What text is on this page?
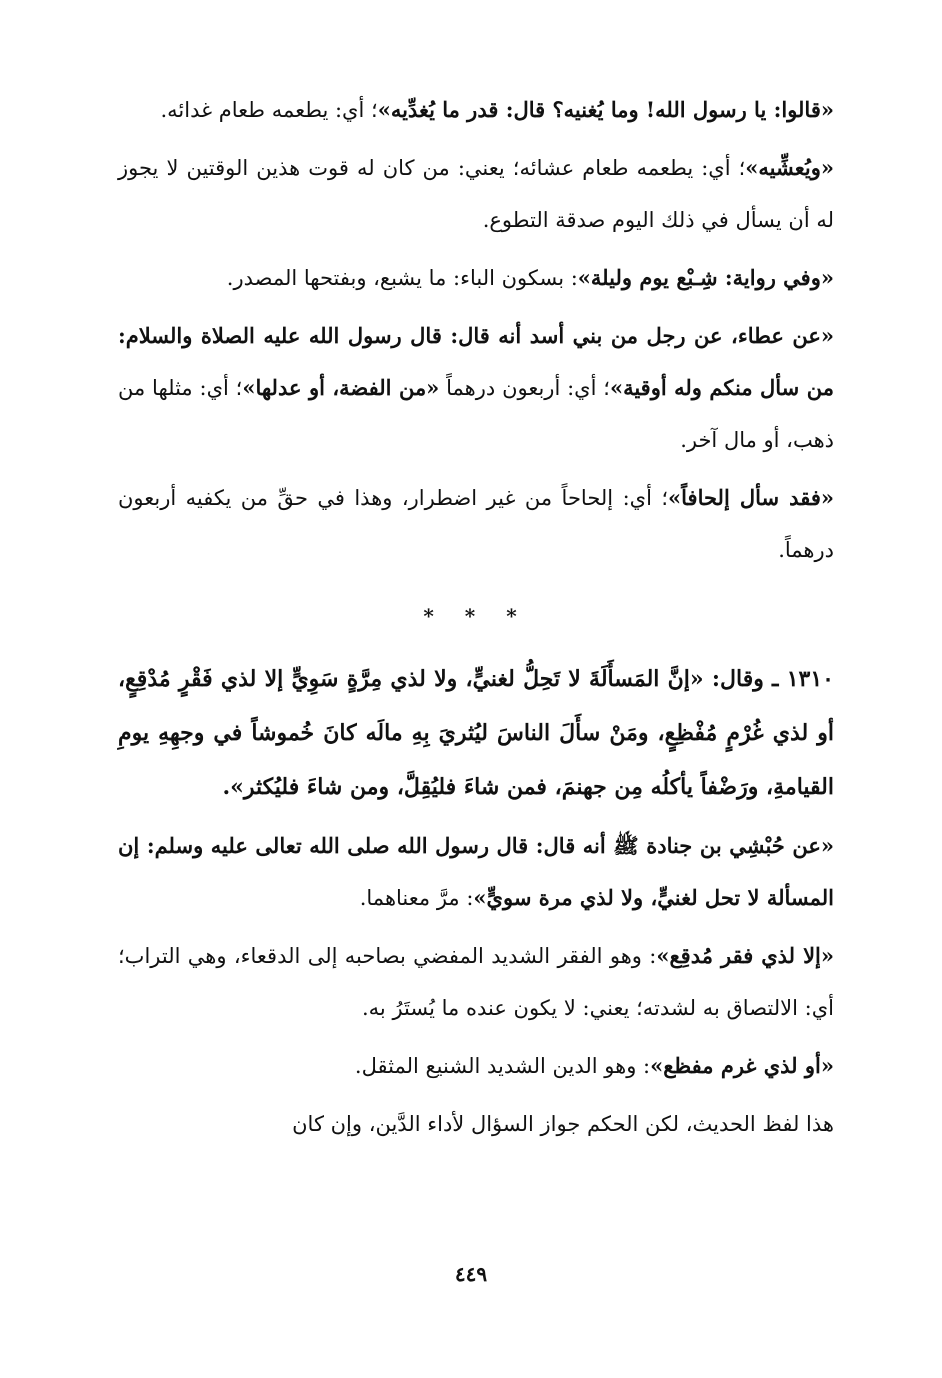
«قالوا: يا رسول الله! وما يُغنيه؟ قال: قدر ما يُغدِّيه»؛ أي: يطعمه طعام غدائه.

«ويُعشِّيه»؛ أي: يطعمه طعام عشائه؛ يعني: من كان له قوت هذين الوقتين لا يجوز له أن يسأل في ذلك اليوم صدقة التطوع.

«وفي رواية: شِـبْع يوم وليلة»: بسكون الباء: ما يشبع، وبفتحها المصدر.

«عن عطاء، عن رجل من بني أسد أنه قال: قال رسول الله عليه الصلاة والسلام: من سأل منكم وله أوقية»؛ أي: أربعون درهماً «من الفضة، أو عدلها»؛ أي: مثلها من ذهب، أو مال آخر.

«فقد سأل إلحافاً»؛ أي: إلحاحاً من غير اضطرار، وهذا في حقِّ من يكفيه أربعون درهماً.

* * *

١٣١٠ ـ وقال: «إنَّ المَسأَلَةَ لا تَحِلُّ لغنيٍّ، ولا لذي مِرَّةٍ سَوِيٍّ إلا لذي فَقْرٍ مُدْقِعٍ، أو لذي غُرْمٍ مُفْظِعٍ، ومَنْ سأَلَ الناسَ ليُثريَ بِهِ مالَه كانَ خُموشاً في وجهِهِ يومِ القيامةِ، ورَضْفاً يأكلُه مِن جهنمَ، فمن شاءَ فليُقِلَّ، ومن شاءَ فليُكثر».

«عن حُبْشِي بن جنادة ﷺ أنه قال: قال رسول الله صلى الله تعالى عليه وسلم: إن المسألة لا تحل لغنيٍّ، ولا لذي مرة سويٍّ»: مرَّ معناهما.

«إلا لذي فقر مُدقِع»: وهو الفقر الشديد المفضي بصاحبه إلى الدقعاء، وهي التراب؛ أي: الالتصاق به لشدته؛ يعني: لا يكون عنده ما يُستَرُ به.

«أو لذي غرم مفظع»: وهو الدين الشديد الشنيع المثقل.

هذا لفظ الحديث، لكن الحكم جواز السؤال لأداء الدَّين، وإن كان

٤٤٩
